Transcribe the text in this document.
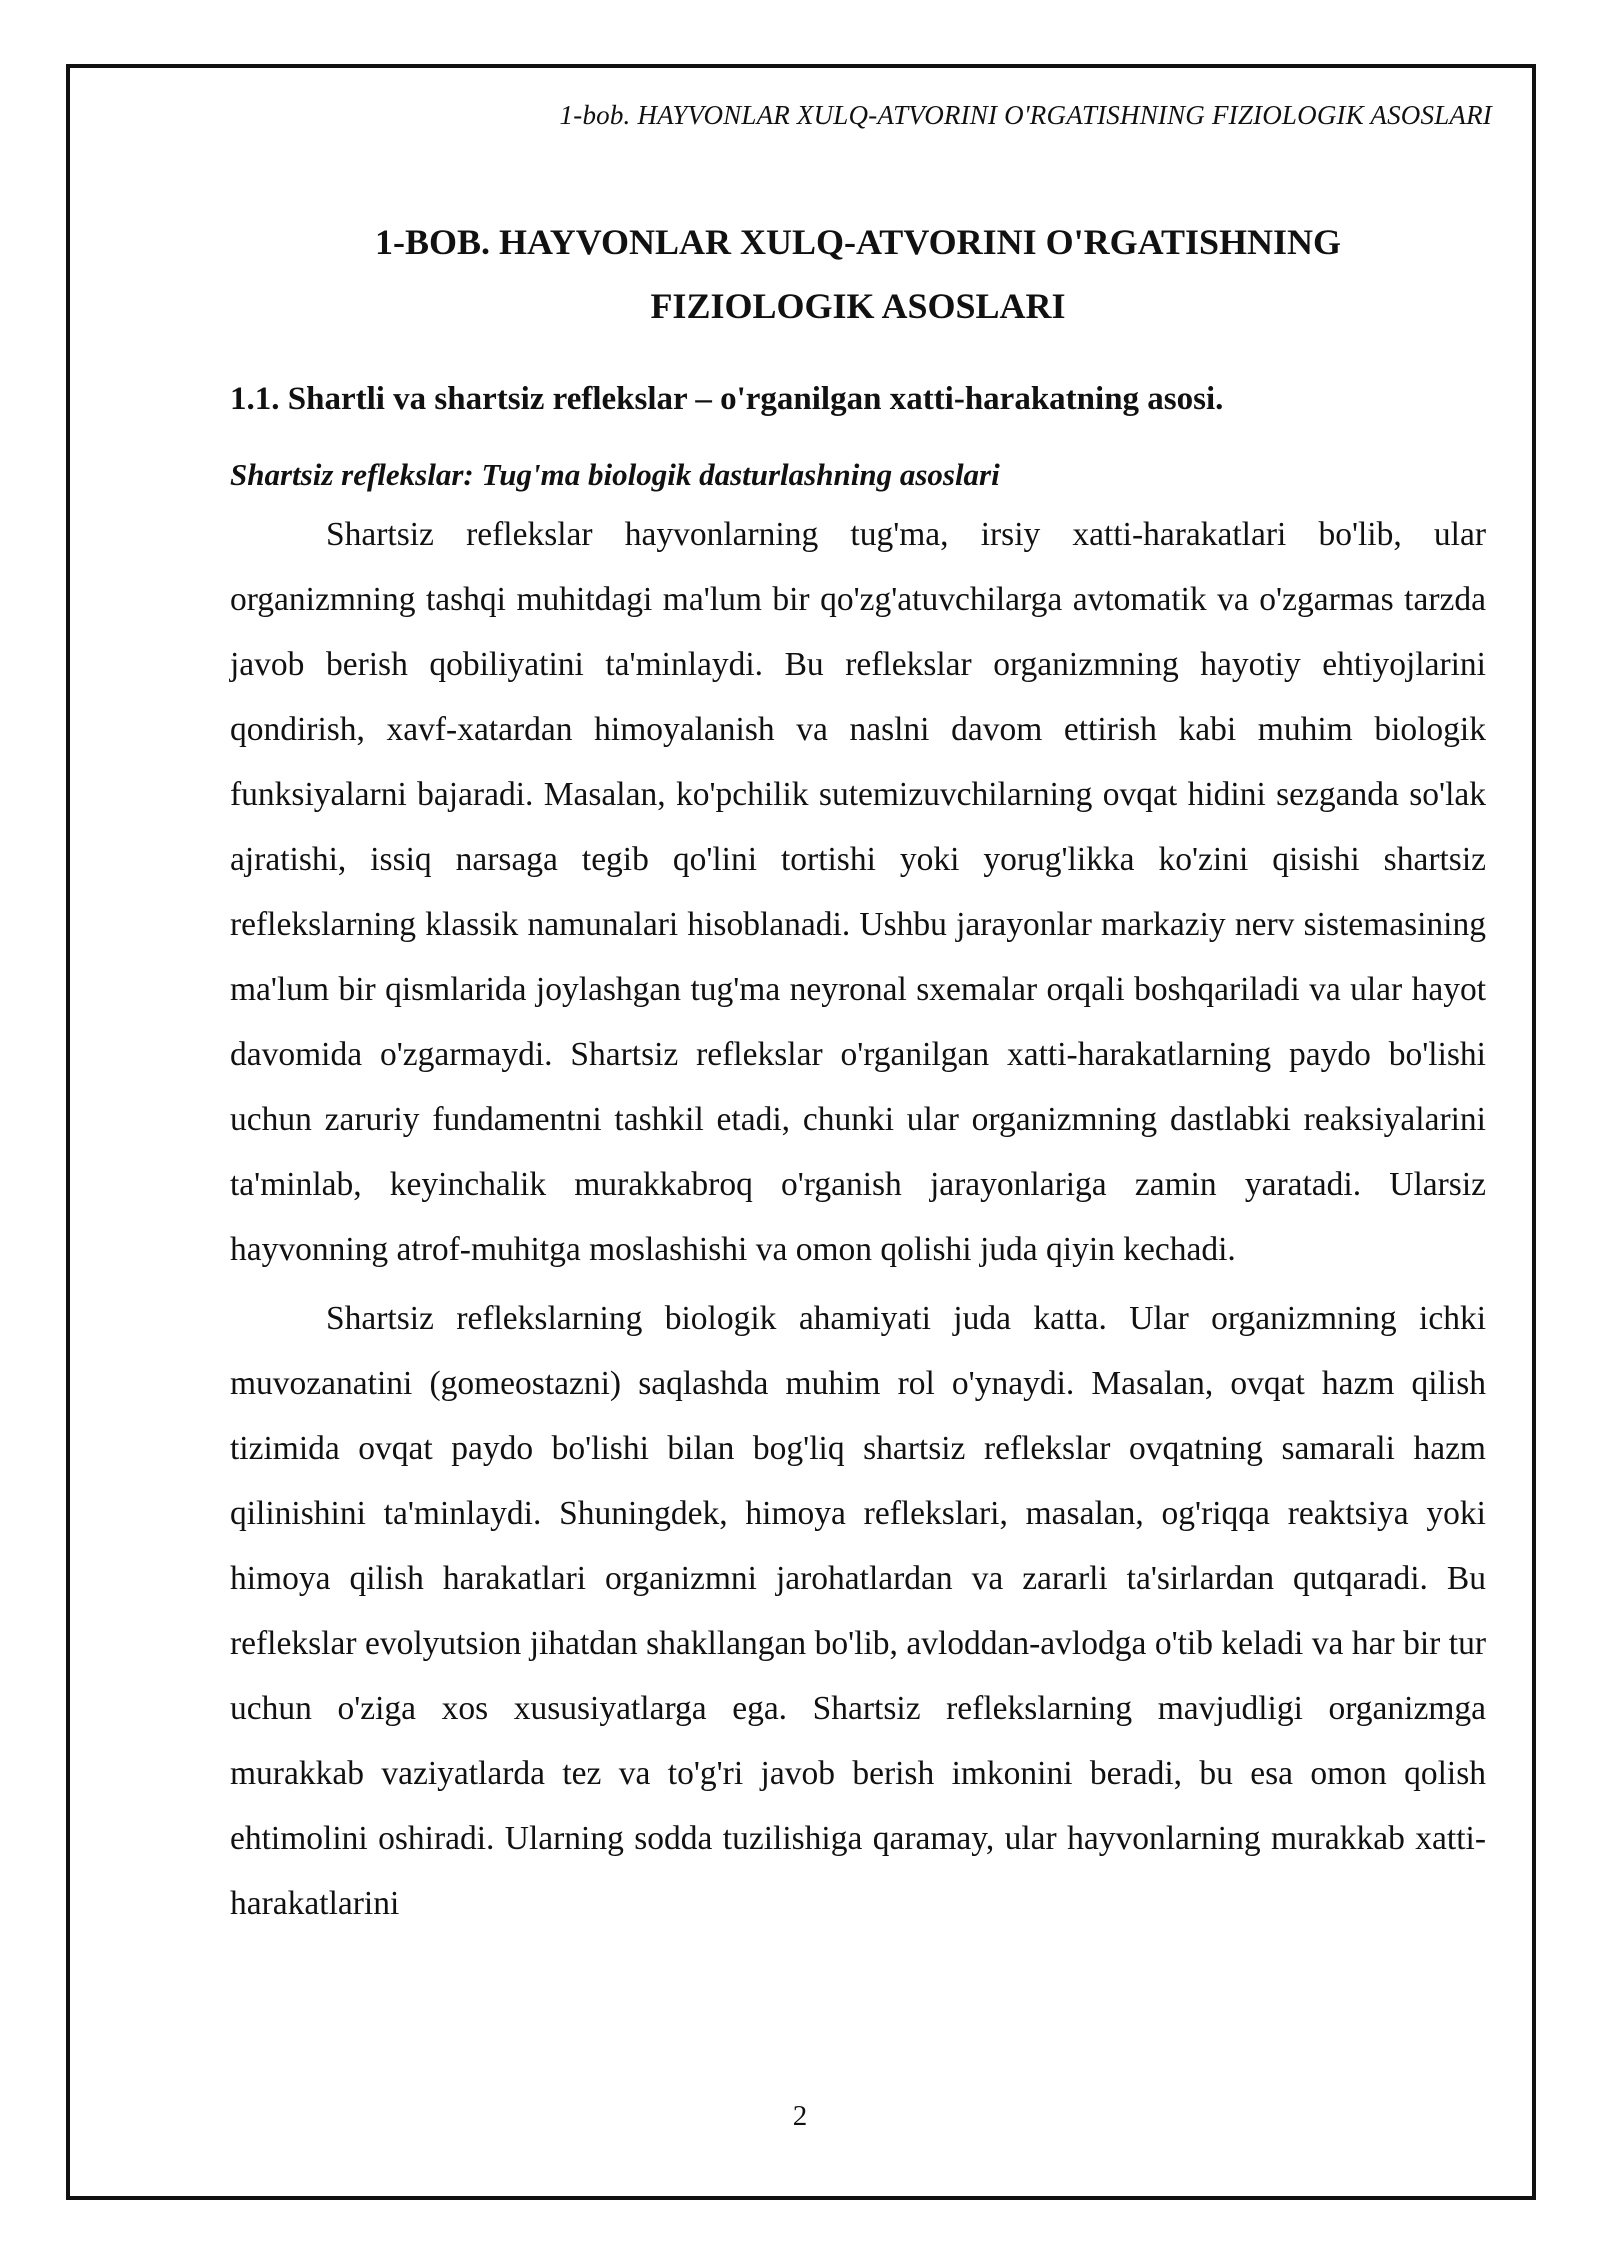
1-bob. HAYVONLAR XULQ-ATVORINI O'RGATISHNING FIZIOLOGIK ASOSLARI
1-BOB. HAYVONLAR XULQ-ATVORINI O'RGATISHNING
FIZIOLOGIK ASOSLARI
1.1. Shartli va shartsiz reflekslar – o'rganilgan xatti-harakatning asosi.
Shartsiz reflekslar: Tug'ma biologik dasturlashning asoslari

Shartsiz reflekslar hayvonlarning tug'ma, irsiy xatti-harakatlari bo'lib, ular organizmning tashqi muhitdagi ma'lum bir qo'zg'atuvchilarga avtomatik va o'zgarmas tarzda javob berish qobiliyatini ta'minlaydi. Bu reflekslar organizmning hayotiy ehtiyojlarini qondirish, xavf-xatardan himoyalanish va naslni davom ettirish kabi muhim biologik funksiyalarni bajaradi. Masalan, ko'pchilik sutemizuvchilarning ovqat hidini sezganda so'lak ajratishi, issiq narsaga tegib qo'lini tortishi yoki yorug'likka ko'zini qisishi shartsiz reflekslarning klassik namunalari hisoblanadi. Ushbu jarayonlar markaziy nerv sistemasining ma'lum bir qismlarida joylashgan tug'ma neyronal sxemalar orqali boshqariladi va ular hayot davomida o'zgarmaydi. Shartsiz reflekslar o'rganilgan xatti-harakatlarning paydo bo'lishi uchun zaruriy fundamentni tashkil etadi, chunki ular organizmning dastlabki reaksiyalarini ta'minlab, keyinchalik murakkabroq o'rganish jarayonlariga zamin yaratadi. Ularsiz hayvonning atrof-muhitga moslashishi va omon qolishi juda qiyin kechadi.

Shartsiz reflekslarning biologik ahamiyati juda katta. Ular organizmning ichki muvozanatini (gomeostazni) saqlashda muhim rol o'ynaydi. Masalan, ovqat hazm qilish tizimida ovqat paydo bo'lishi bilan bog'liq shartsiz reflekslar ovqatning samarali hazm qilinishini ta'minlaydi. Shuningdek, himoya reflekslari, masalan, og'riqqa reaktsiya yoki himoya qilish harakatlari organizmni jarohatlardan va zararli ta'sirlardan qutqaradi. Bu reflekslar evolyutsion jihatdan shakllangan bo'lib, avloddan-avlodga o'tib keladi va har bir tur uchun o'ziga xos xususiyatlarga ega. Shartsiz reflekslarning mavjudligi organizmga murakkab vaziyatlarda tez va to'g'ri javob berish imkonini beradi, bu esa omon qolish ehtimolini oshiradi. Ularning sodda tuzilishiga qaramay, ular hayvonlarning murakkab xatti-harakatlarini

2
